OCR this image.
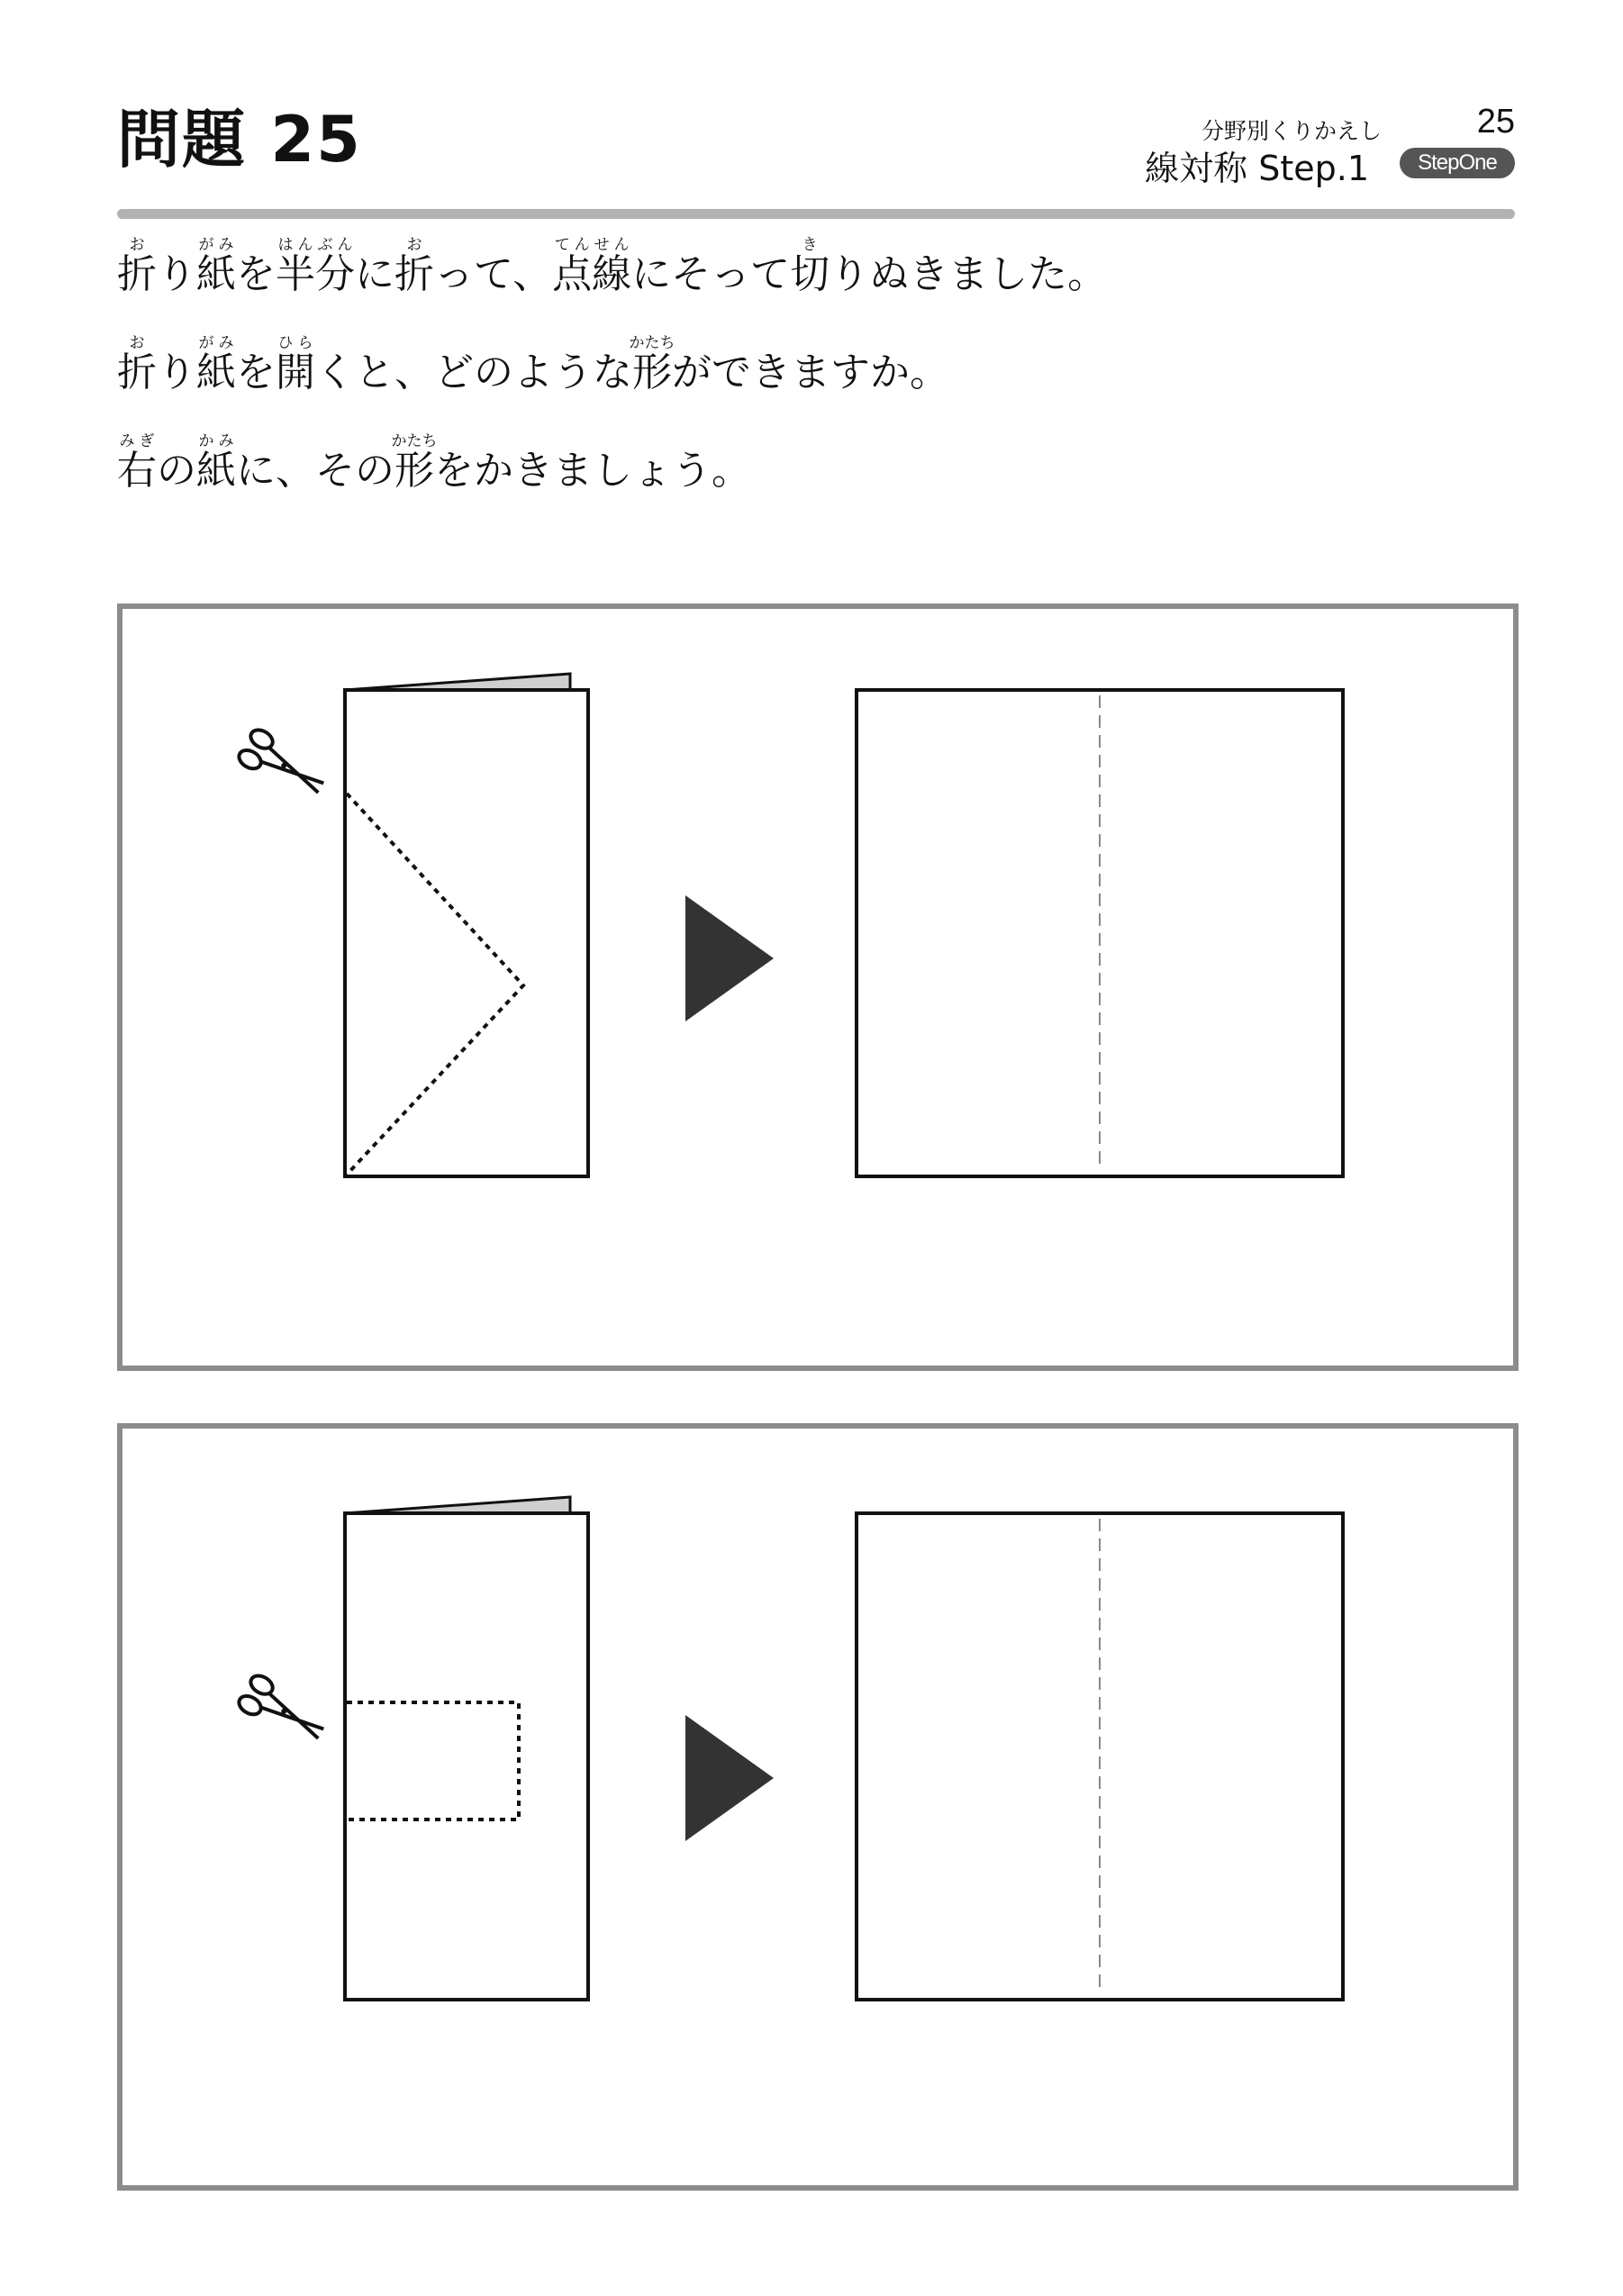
問題 25	分野別くりかえし	25
線対称 Step.1	StepOne
折おり紙がみを半分はんぶんに折おって、点線てんせんにそって切きりぬきました。
折おり紙がみを開ひらくと、どのような形かたちができますか。
右みぎの紙かみに、その形かたちをかきましょう。
